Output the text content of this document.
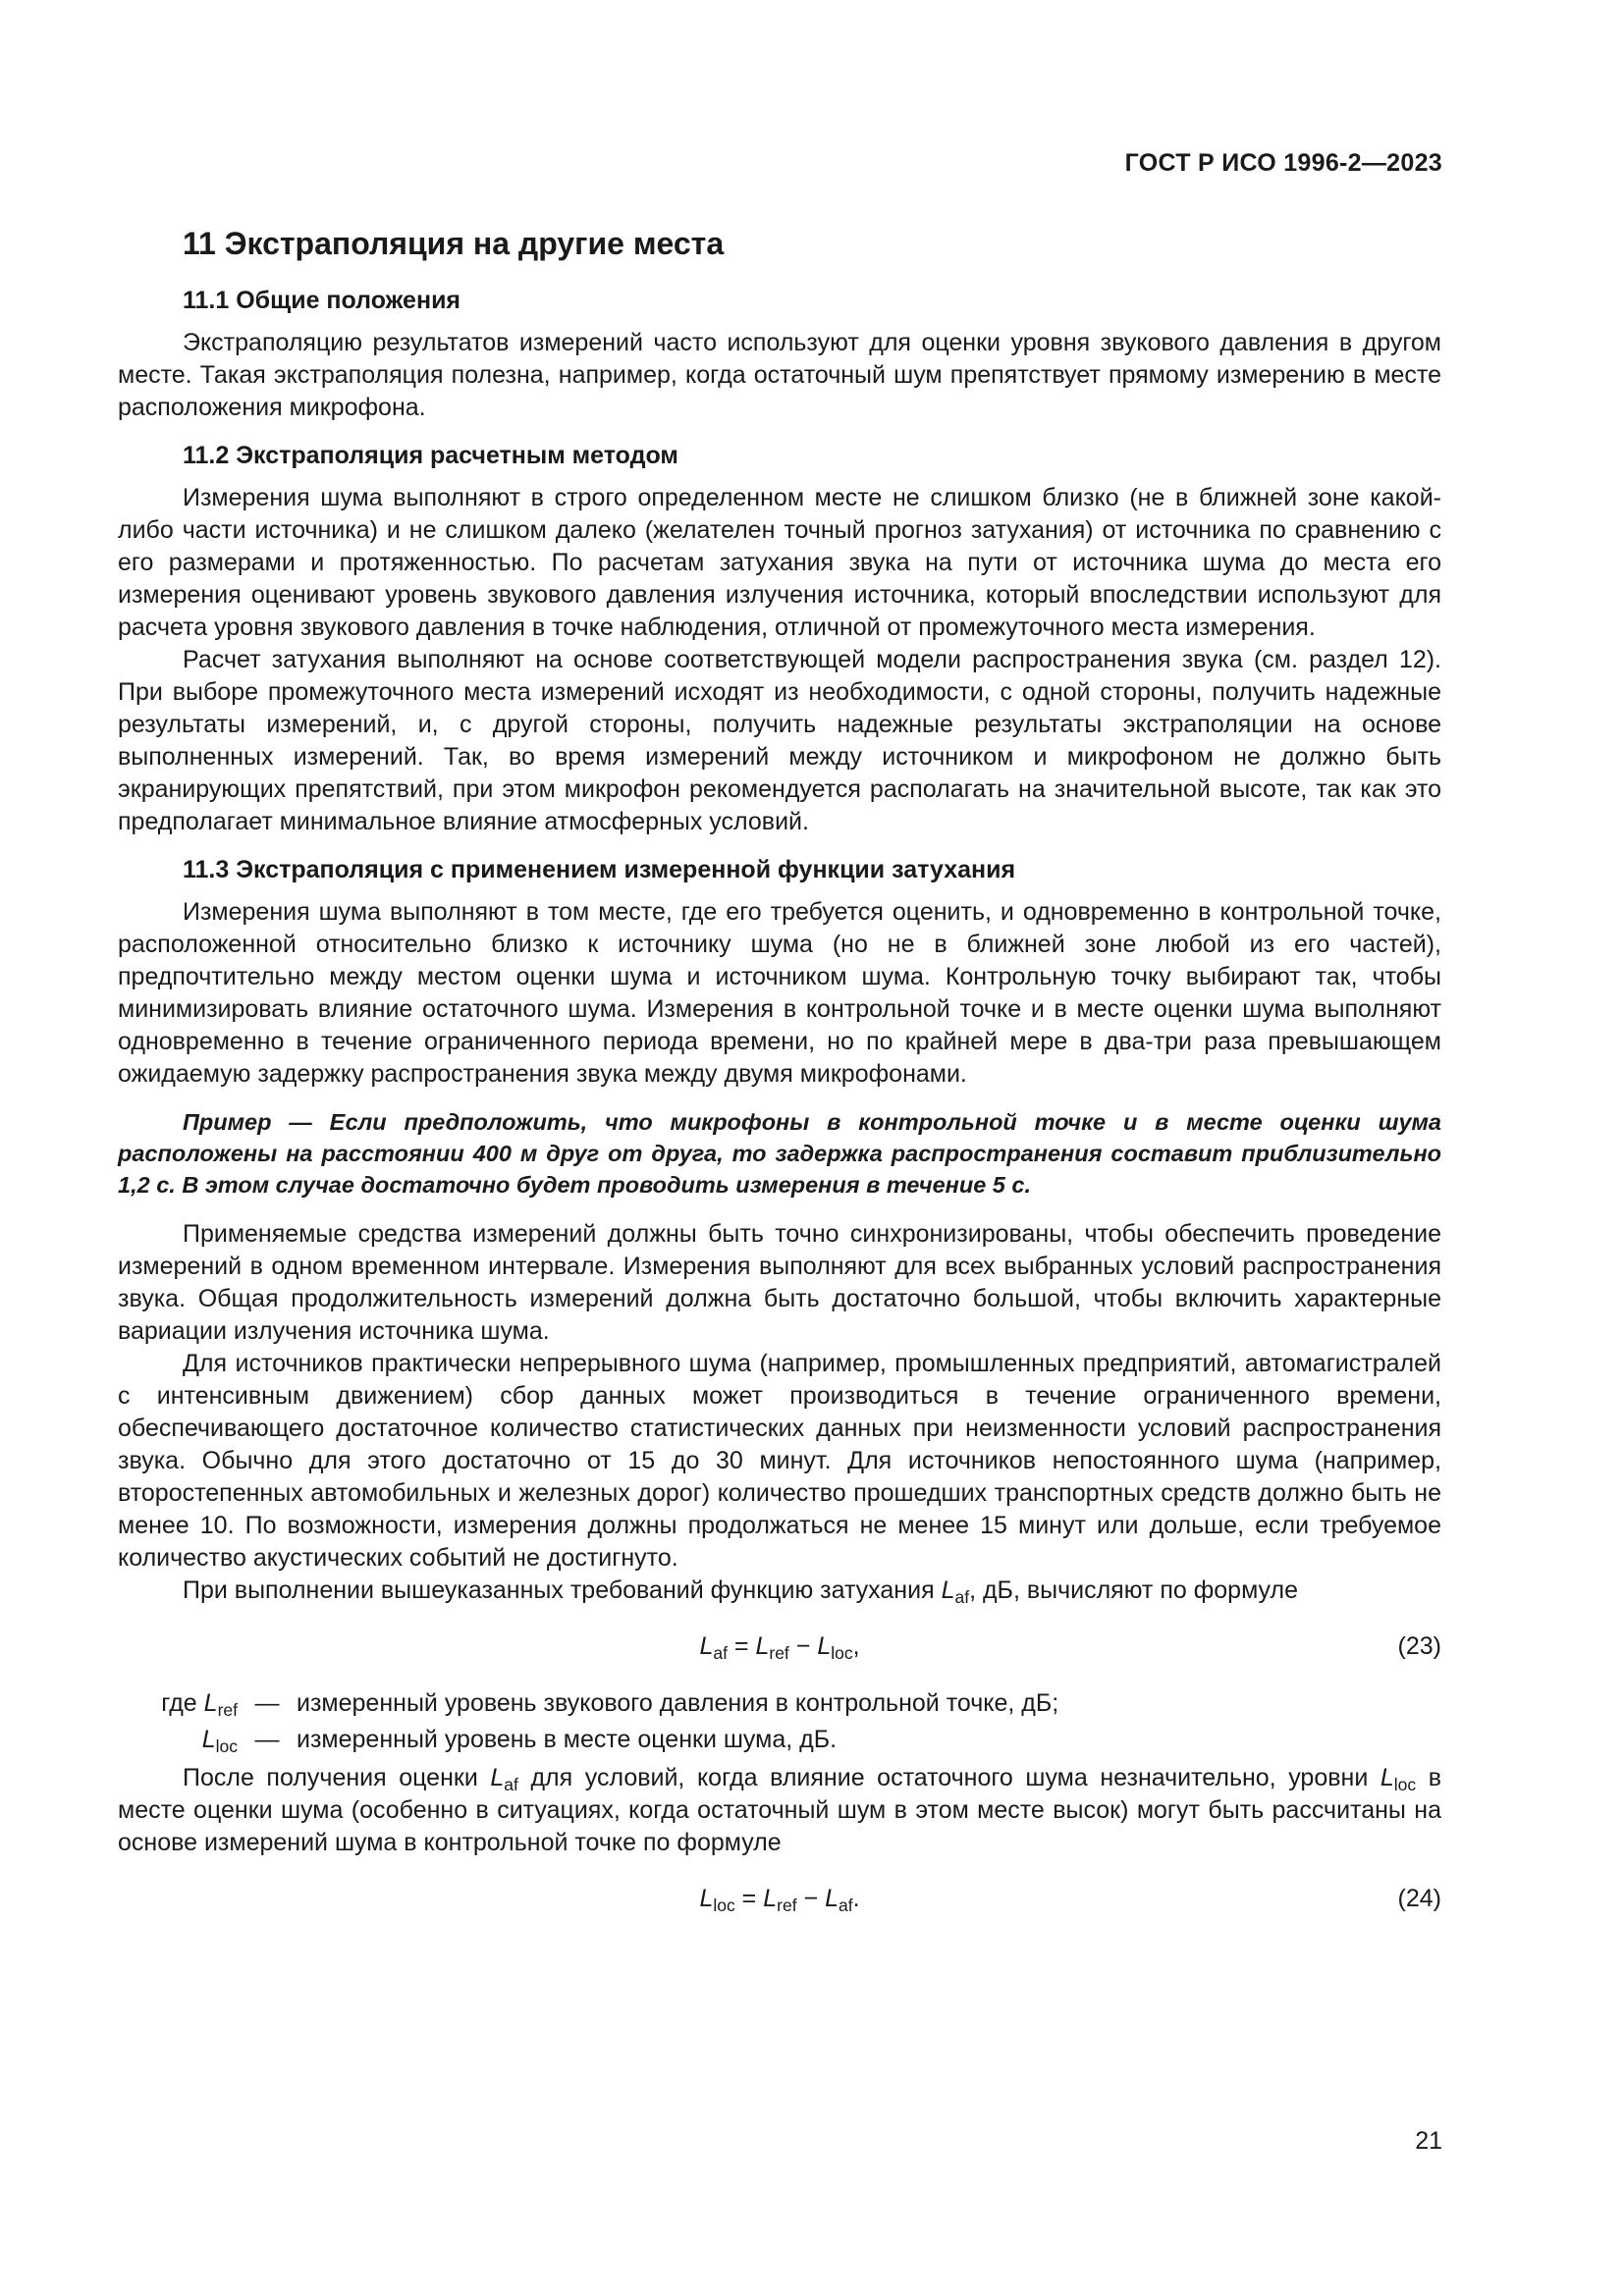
ГОСТ Р ИСО 1996-2—2023
11 Экстраполяция на другие места
11.1 Общие положения

Экстраполяцию результатов измерений часто используют для оценки уровня звукового давления в другом месте. Такая экстраполяция полезна, например, когда остаточный шум препятствует прямому измерению в месте расположения микрофона.

11.2 Экстраполяция расчетным методом

Измерения шума выполняют в строго определенном месте не слишком близко (не в ближней зоне какой-либо части источника) и не слишком далеко (желателен точный прогноз затухания) от источника по сравнению с его размерами и протяженностью. По расчетам затухания звука на пути от источника шума до места его измерения оценивают уровень звукового давления излучения источника, который впоследствии используют для расчета уровня звукового давления в точке наблюдения, отличной от промежуточного места измерения.

Расчет затухания выполняют на основе соответствующей модели распространения звука (см. раздел 12). При выборе промежуточного места измерений исходят из необходимости, с одной стороны, получить надежные результаты измерений, и, с другой стороны, получить надежные результаты экстраполяции на основе выполненных измерений. Так, во время измерений между источником и микрофоном не должно быть экранирующих препятствий, при этом микрофон рекомендуется располагать на значительной высоте, так как это предполагает минимальное влияние атмосферных условий.

11.3 Экстраполяция с применением измеренной функции затухания

Измерения шума выполняют в том месте, где его требуется оценить, и одновременно в контрольной точке, расположенной относительно близко к источнику шума (но не в ближней зоне любой из его частей), предпочтительно между местом оценки шума и источником шума. Контрольную точку выбирают так, чтобы минимизировать влияние остаточного шума. Измерения в контрольной точке и в месте оценки шума выполняют одновременно в течение ограниченного периода времени, но по крайней мере в два-три раза превышающем ожидаемую задержку распространения звука между двумя микрофонами.

Пример — Если предположить, что микрофоны в контрольной точке и в месте оценки шума расположены на расстоянии 400 м друг от друга, то задержка распространения составит приблизительно 1,2 с. В этом случае достаточно будет проводить измерения в течение 5 с.

Применяемые средства измерений должны быть точно синхронизированы, чтобы обеспечить проведение измерений в одном временном интервале. Измерения выполняют для всех выбранных условий распространения звука. Общая продолжительность измерений должна быть достаточно большой, чтобы включить характерные вариации излучения источника шума.

Для источников практически непрерывного шума (например, промышленных предприятий, автомагистралей с интенсивным движением) сбор данных может производиться в течение ограниченного времени, обеспечивающего достаточное количество статистических данных при неизменности условий распространения звука. Обычно для этого достаточно от 15 до 30 минут. Для источников непостоянного шума (например, второстепенных автомобильных и железных дорог) количество прошедших транспортных средств должно быть не менее 10. По возможности, измерения должны продолжаться не менее 15 минут или дольше, если требуемое количество акустических событий не достигнуто.

При выполнении вышеуказанных требований функцию затухания $L_{af}$, дБ, вычисляют по формуле

$L_{af} = L_{ref} - L_{loc}$,	(23)
где $L_{ref}$ — измеренный уровень звукового давления в контрольной точке, дБ;
$L_{loc}$ — измеренный уровень в месте оценки шума, дБ.

После получения оценки $L_{af}$ для условий, когда влияние остаточного шума незначительно, уровни $L_{loc}$ в месте оценки шума (особенно в ситуациях, когда остаточный шум в этом месте высок) могут быть рассчитаны на основе измерений шума в контрольной точке по формуле

$L_{loc} = L_{ref} - L_{af}$.	(24)
21
